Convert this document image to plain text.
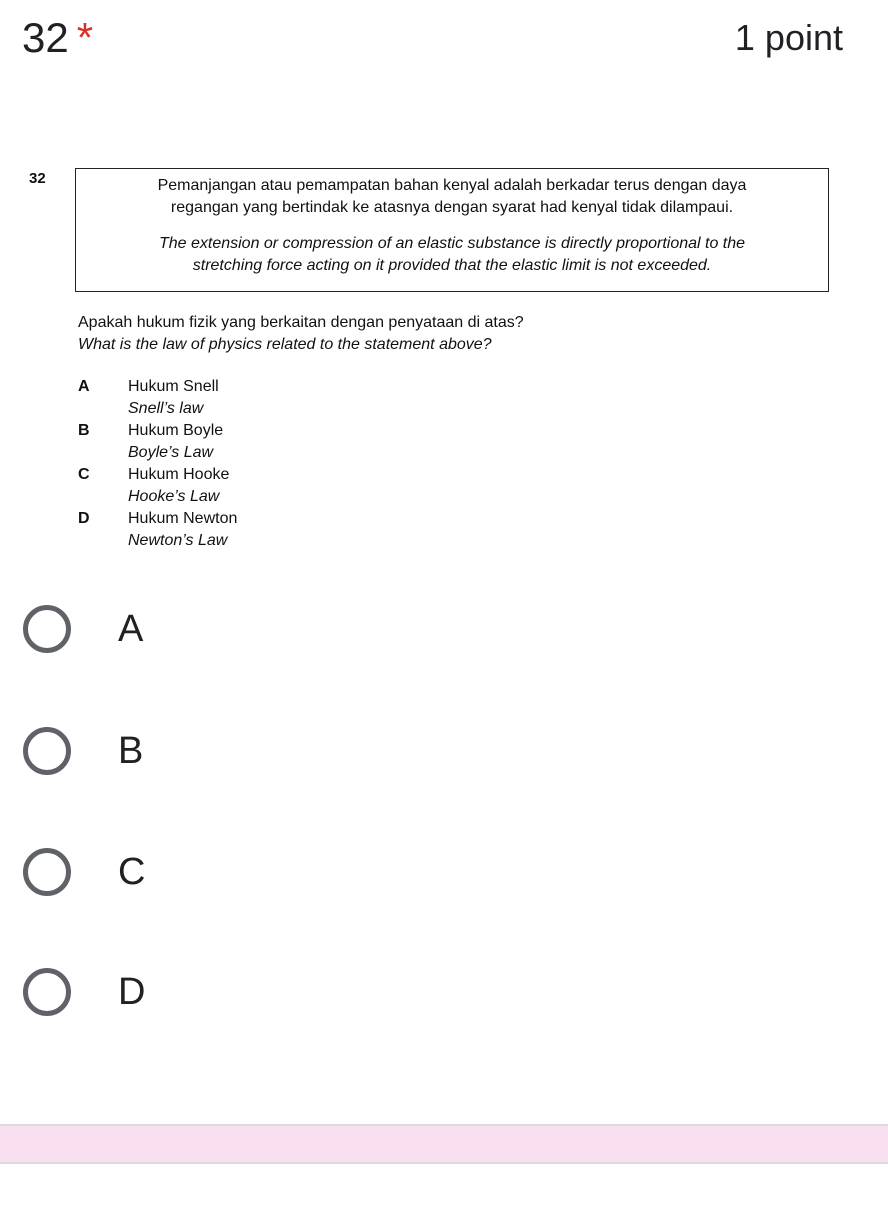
32 *	1 point
32	Pemanjangan atau pemampatan bahan kenyal adalah berkadar terus dengan daya
regangan yang bertindak ke atasnya dengan syarat had kenyal tidak dilampaui.
The extension or compression of an elastic substance is directly proportional to the
stretching force acting on it provided that the elastic limit is not exceeded.
Apakah hukum fizik yang berkaitan dengan penyataan di atas?
What is the law of physics related to the statement above?
A	Hukum Snell
Snell’s law
B	Hukum Boyle
Boyle’s Law
C	Hukum Hooke
Hooke’s Law
D	Hukum Newton
Newton’s Law
A
B
C
D
